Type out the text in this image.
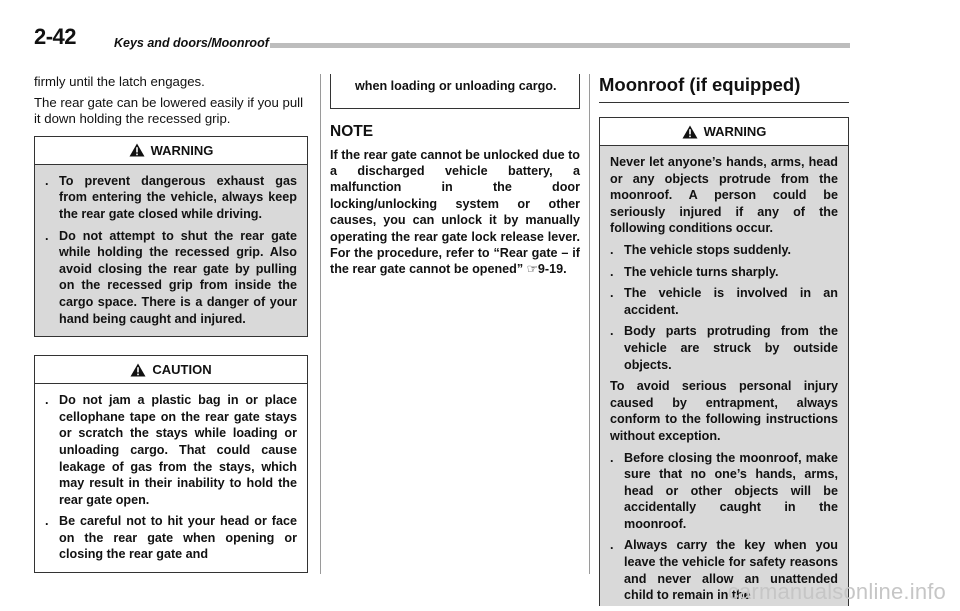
2-42	Keys and doors/Moonroof

firmly until the latch engages.

The rear gate can be lowered easily if you pull it down holding the recessed grip.

WARNING
. To prevent dangerous exhaust gas from entering the vehicle, always keep the rear gate closed while driving.
. Do not attempt to shut the rear gate while holding the recessed grip. Also avoid closing the rear gate by pulling on the recessed grip from inside the cargo space. There is a danger of your hand being caught and injured.
CAUTION
. Do not jam a plastic bag in or place cellophane tape on the rear gate stays or scratch the stays while loading or unloading cargo. That could cause leakage of gas from the stays, which may result in their inability to hold the rear gate open.
. Be careful not to hit your head or face on the rear gate when opening or closing the rear gate and

when loading or unloading cargo.

NOTE

If the rear gate cannot be unlocked due to a discharged vehicle battery, a malfunction in the door locking/unlocking system or other causes, you can unlock it by manually operating the rear gate lock release lever. For the procedure, refer to “Rear gate – if the rear gate cannot be opened” ☞9-19.

Moonroof (if equipped)
WARNING

Never let anyone’s hands, arms, head or any objects protrude from the moonroof. A person could be seriously injured if any of the following conditions occur.

. The vehicle stops suddenly.
. The vehicle turns sharply.
. The vehicle is involved in an accident.
. Body parts protruding from the vehicle are struck by outside objects.

To avoid serious personal injury caused by entrapment, always conform to the following instructions without exception.

. Before closing the moonroof, make sure that no one’s hands, arms, head or other objects will be accidentally caught in the moonroof.
. Always carry the key when you leave the vehicle for safety reasons and never allow an unattended child to remain in the
carmanualsonline.info
